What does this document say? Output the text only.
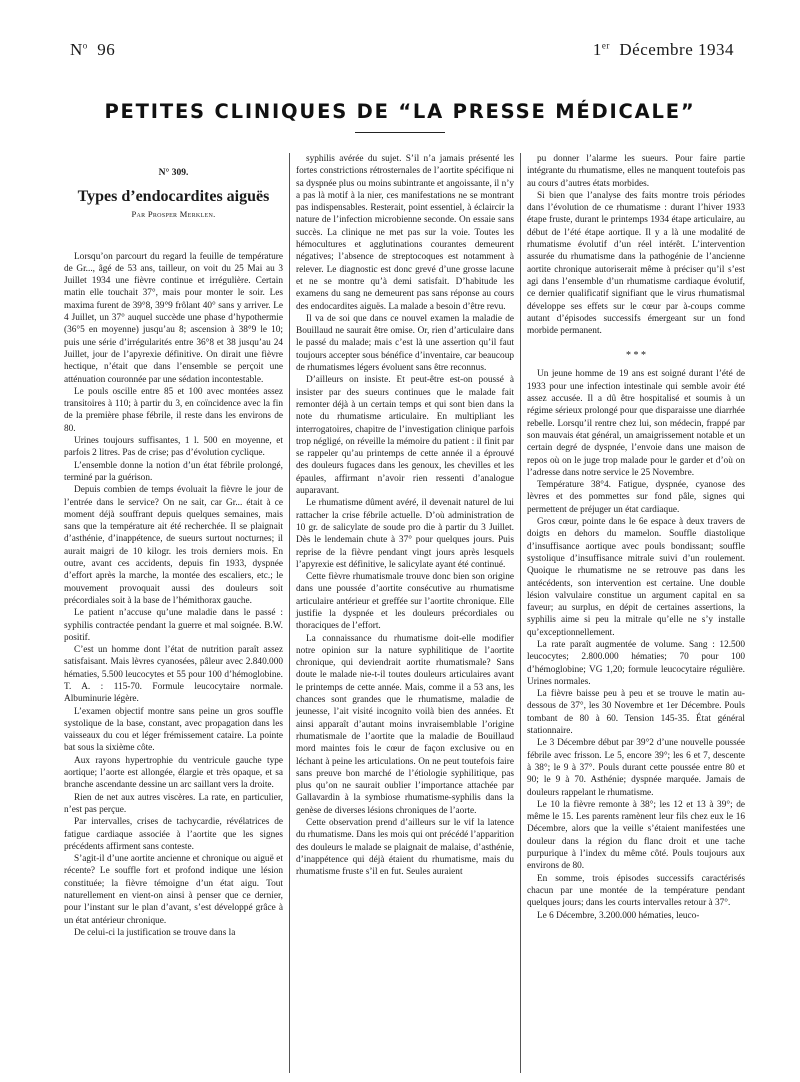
$N^o$ 96	1er Décembre 1934
PETITES CLINIQUES DE “LA PRESSE MÉDICALE”
N° 309.
Types d’endocardites aiguës
Par Prosper Merklen.

Lorsqu’on parcourt du regard la feuille de température de Gr..., âgé de 53 ans, tailleur, on voit du 25 Mai au 3 Juillet 1934 une fièvre continue et irrégulière. Certain matin elle touchait 37°, mais pour monter le soir. Les maxima furent de 39°8, 39°9 frôlant 40° sans y arriver. Le 4 Juillet, un 37° auquel succède une phase d’hypothermie (36°5 en moyenne) jusqu’au 8; ascension à 38°9 le 10; puis une série d’irrégularités entre 36°8 et 38 jusqu’au 24 Juillet, jour de l’apyrexie définitive. On dirait une fièvre hectique, n’était que dans l’ensemble se perçoit une atténuation couronnée par une sédation incontestable.

Le pouls oscille entre 85 et 100 avec montées assez transitoires à 110; à partir du 3, en coïncidence avec la fin de la première phase fébrile, il reste dans les environs de 80.

Urines toujours suffisantes, 1 l. 500 en moyenne, et parfois 2 litres. Pas de crise; pas d’évolution cyclique.

L’ensemble donne la notion d’un état fébrile prolongé, terminé par la guérison.

Depuis combien de temps évoluait la fièvre le jour de l’entrée dans le service? On ne sait, car Gr... était à ce moment déjà souffrant depuis quelques semaines, mais sans que la température ait été recherchée. Il se plaignait d’asthénie, d’inappétence, de sueurs surtout nocturnes; il aurait maigri de 10 kilogr. les trois derniers mois. En outre, avant ces accidents, depuis fin 1933, dyspnée d’effort après la marche, la montée des escaliers, etc.; le mouvement provoquait aussi des douleurs soit précordiales soit à la base de l’hémithorax gauche.

Le patient n’accuse qu’une maladie dans le passé : syphilis contractée pendant la guerre et mal soignée. B.W. positif.

C’est un homme dont l’état de nutrition paraît assez satisfaisant. Mais lèvres cyanosées, pâleur avec 2.840.000 hématies, 5.500 leucocytes et 55 pour 100 d’hémoglobine. T. A. : 115-70. Formule leucocytaire normale. Albuminurie légère.

L’examen objectif montre sans peine un gros souffle systolique de la base, constant, avec propagation dans les vaisseaux du cou et léger frémissement cataire. La pointe bat sous la sixième côte.

Aux rayons hypertrophie du ventricule gauche type aortique; l’aorte est allongée, élargie et très opaque, et sa branche ascendante dessine un arc saillant vers la droite.

Rien de net aux autres viscères. La rate, en particulier, n’est pas perçue.

Par intervalles, crises de tachycardie, révélatrices de fatigue cardiaque associée à l’aortite que les signes précédents affirment sans conteste.

S’agit-il d’une aortite ancienne et chronique ou aiguë et récente? Le souffle fort et profond indique une lésion constituée; la fièvre témoigne d’un état aigu. Tout naturellement en vient-on ainsi à penser que ce dernier, pour l’instant sur le plan d’avant, s’est développé grâce à un état antérieur chronique.

De celui-ci la justification se trouve dans la

syphilis avérée du sujet. S’il n’a jamais présenté les fortes constrictions rétrosternales de l’aortite spécifique ni sa dyspnée plus ou moins subintrante et angoissante, il n’y a pas là motif à la nier, ces manifestations ne se montrant pas indispensables. Resterait, point essentiel, à éclaircir la nature de l’infection microbienne seconde. On essaie sans succès. La clinique ne met pas sur la voie. Toutes les hémocultures et agglutinations courantes demeurent négatives; l’absence de streptocoques est notamment à relever. Le diagnostic est donc grevé d’une grosse lacune et ne se montre qu’à demi satisfait. D’habitude les examens du sang ne demeurent pas sans réponse au cours des endocardites aiguës. La malade a besoin d’être revu.

Il va de soi que dans ce nouvel examen la maladie de Bouillaud ne saurait être omise. Or, rien d’articulaire dans le passé du malade; mais c’est là une assertion qu’il faut toujours accepter sous bénéfice d’inventaire, car beaucoup de rhumatismes légers évoluent sans être reconnus.

D’ailleurs on insiste. Et peut-être est-on poussé à insister par des sueurs continues que le malade fait remonter déjà à un certain temps et qui sont bien dans la note du rhumatisme articulaire. En multipliant les interrogatoires, chapitre de l’investigation clinique parfois trop négligé, on réveille la mémoire du patient : il finit par se rappeler qu’au printemps de cette année il a éprouvé des douleurs fugaces dans les genoux, les chevilles et les épaules, affirmant n’avoir rien ressenti d’analogue auparavant.

Le rhumatisme dûment avéré, il devenait naturel de lui rattacher la crise fébrile actuelle. D’où administration de 10 gr. de salicylate de soude pro die à partir du 3 Juillet. Dès le lendemain chute à 37° pour quelques jours. Puis reprise de la fièvre pendant vingt jours après lesquels l’apyrexie est définitive, le salicylate ayant été continué.

Cette fièvre rhumatismale trouve donc bien son origine dans une poussée d’aortite consécutive au rhumatisme articulaire antérieur et greffée sur l’aortite chronique. Elle justifie la dyspnée et les douleurs précordiales ou thoraciques de l’effort.

La connaissance du rhumatisme doit-elle modifier notre opinion sur la nature syphilitique de l’aortite chronique, qui deviendrait aortite rhumatismale? Sans doute le malade nie-t-il toutes douleurs articulaires avant le printemps de cette année. Mais, comme il a 53 ans, les chances sont grandes que le rhumatisme, maladie de jeunesse, l’ait visité incognito voilà bien des années. Et ainsi apparaît d’autant moins invraisemblable l’origine rhumatismale de l’aortite que la maladie de Bouillaud mord maintes fois le cœur de façon exclusive ou en léchant à peine les articulations. On ne peut toutefois faire sans preuve bon marché de l’étiologie syphilitique, pas plus qu’on ne saurait oublier l’importance attachée par Gallavardin à la symbiose rhumatisme-syphilis dans la genèse de diverses lésions chroniques de l’aorte.

Cette observation prend d’ailleurs sur le vif la latence du rhumatisme. Dans les mois qui ont précédé l’apparition des douleurs le malade se plaignait de malaise, d’asthénie, d’inappétence qui déjà étaient du rhumatisme, mais du rhumatisme fruste s’il en fut. Seules auraient

pu donner l’alarme les sueurs. Pour faire partie intégrante du rhumatisme, elles ne manquent toutefois pas au cours d’autres états morbides.

Si bien que l’analyse des faits montre trois périodes dans l’évolution de ce rhumatisme : durant l’hiver 1933 étape fruste, durant le printemps 1934 étape articulaire, au début de l’été étape aortique. Il y a là une modalité de rhumatisme évolutif d’un réel intérêt. L’intervention assurée du rhumatisme dans la pathogénie de l’ancienne aortite chronique autoriserait même à préciser qu’il s’est agi dans l’ensemble d’un rhumatisme cardiaque évolutif, ce dernier qualificatif signifiant que le virus rhumatismal développe ses effets sur le cœur par à-coups comme autant d’épisodes successifs émergeant sur un fond morbide permanent.

* * *

Un jeune homme de 19 ans est soigné durant l’été de 1933 pour une infection intestinale qui semble avoir été assez accusée. Il a dû être hospitalisé et soumis à un régime sérieux prolongé pour que disparaisse une diarrhée rebelle. Lorsqu’il rentre chez lui, son médecin, frappé par son mauvais état général, un amaigrissement notable et un certain degré de dyspnée, l’envoie dans une maison de repos où on le juge trop malade pour le garder et d’où on l’adresse dans notre service le 25 Novembre.

Température 38°4. Fatigue, dyspnée, cyanose des lèvres et des pommettes sur fond pâle, signes qui permettent de préjuger un état cardiaque.

Gros cœur, pointe dans le 6e espace à deux travers de doigts en dehors du mamelon. Souffle diastolique d’insuffisance aortique avec pouls bondissant; souffle systolique d’insuffisance mitrale suivi d’un roulement. Quoique le rhumatisme ne se retrouve pas dans les antécédents, son intervention est certaine. Une double lésion valvulaire constitue un argument capital en sa faveur; au surplus, en dépit de certaines assertions, la syphilis aime si peu la mitrale qu’elle ne s’y installe qu’exceptionnellement.

La rate paraît augmentée de volume. Sang : 12.500 leucocytes; 2.800.000 hématies; 70 pour 100 d’hémoglobine; VG 1,20; formule leucocytaire régulière. Urines normales.

La fièvre baisse peu à peu et se trouve le matin au-dessous de 37°, les 30 Novembre et 1er Décembre. Pouls tombant de 80 à 60. Tension 145-35. État général stationnaire.

Le 3 Décembre début par 39°2 d’une nouvelle poussée fébrile avec frisson. Le 5, encore 39°; les 6 et 7, descente à 38°; le 9 à 37°. Pouls durant cette poussée entre 80 et 90; le 9 à 70. Asthénie; dyspnée marquée. Jamais de douleurs rappelant le rhumatisme.

Le 10 la fièvre remonte à 38°; les 12 et 13 à 39°; de même le 15. Les parents ramènent leur fils chez eux le 16 Décembre, alors que la veille s’étaient manifestées une douleur dans la région du flanc droit et une tache purpurique à l’index du même côté. Pouls toujours aux environs de 80.

En somme, trois épisodes successifs caractérisés chacun par une montée de la température pendant quelques jours; dans les courts intervalles retour à 37°.

Le 6 Décembre, 3.200.000 hématies, leuco-
